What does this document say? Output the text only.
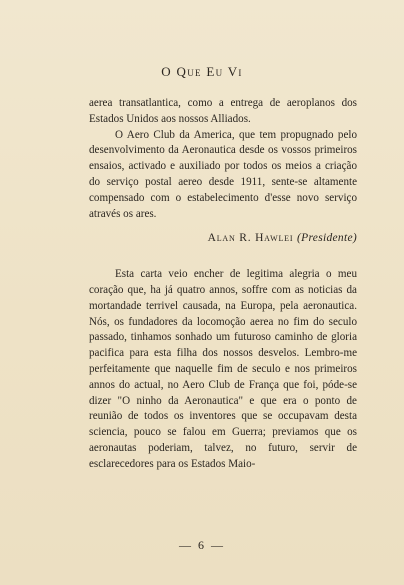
O Que Eu Vi

aerea transatlantica, como a entrega de aeroplanos dos Estados Unidos aos nossos Alliados.

O Aero Club da America, que tem propugnado pelo desenvolvimento da Aeronautica desde os vossos primeiros ensaios, activado e auxiliado por todos os meios a criação do serviço postal aereo desde 1911, sente-se altamente compensado com o estabelecimento d'esse novo serviço através os ares.

Alan R. Hawlei (Presidente)

Esta carta veio encher de legitima alegria o meu coração que, ha já quatro annos, soffre com as noticias da mortandade terrivel causada, na Europa, pela aeronautica. Nós, os fundadores da locomoção aerea no fim do seculo passado, tinhamos sonhado um futuroso caminho de gloria pacifica para esta filha dos nossos desvelos. Lembro-me perfeitamente que naquelle fim de seculo e nos primeiros annos do actual, no Aero Club de França que foi, póde-se dizer "O ninho da Aeronautica" e que era o ponto de reunião de todos os inventores que se occupavam desta sciencia, pouco se falou em Guerra; previamos que os aeronautas poderiam, talvez, no futuro, servir de esclarecedores para os Estados Maio-

— 6 —
